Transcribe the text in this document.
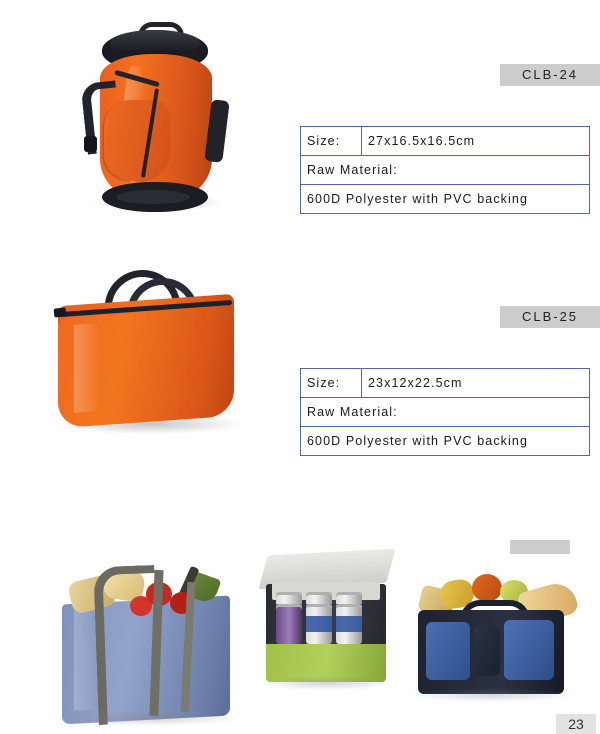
CLB-24
Size:	27x16.5x16.5cm
Raw Material:
600D Polyester with PVC backing
CLB-25
Size:	23x12x22.5cm
Raw Material:
600D Polyester with PVC backing
23
